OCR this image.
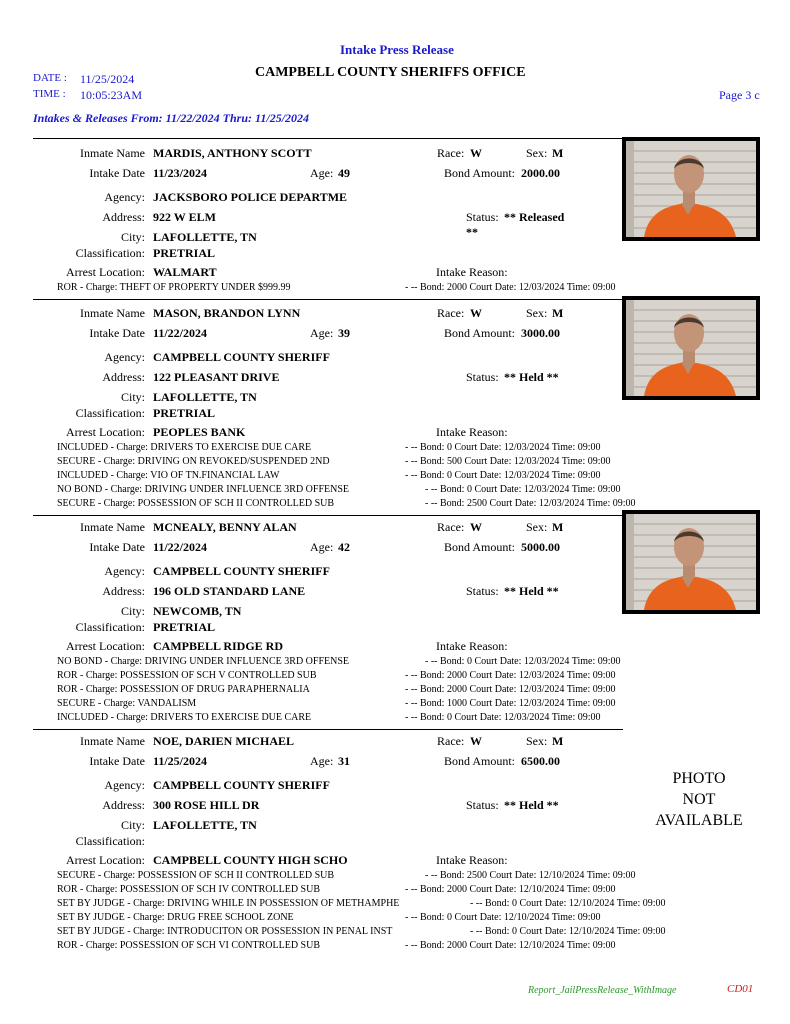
Intake Press Release
CAMPBELL COUNTY SHERIFFS OFFICE
DATE : 11/25/2024
TIME : 10:05:23AM	Page 3 c
Intakes & Releases From: 11/22/2024 Thru: 11/25/2024
Inmate Name MARDIS, ANTHONY SCOTT
Intake Date 11/23/2024
Agency: JACKSBORO POLICE DEPARTME
Address: 922 W ELM
City: LAFOLLETTE, TN
Classification: PRETRIAL
Arrest Location: WALMART
Age: 49
Race: W	Sex: M
Bond Amount: 2000.00
Status: ** Released
**
Intake Reason:
ROR - Charge: THEFT OF PROPERTY UNDER $999.99	- -- Bond: 2000 Court Date: 12/03/2024 Time: 09:00
Inmate Name MASON, BRANDON LYNN
Intake Date 11/22/2024
Agency: CAMPBELL COUNTY SHERIFF
Address: 122 PLEASANT DRIVE
City: LAFOLLETTE, TN
Classification: PRETRIAL
Arrest Location: PEOPLES BANK
Age: 39
Race: W	Sex: M
Bond Amount: 3000.00
Status: ** Held **
Intake Reason:
INCLUDED - Charge: DRIVERS TO EXERCISE DUE CARE	- -- Bond: 0 Court Date: 12/03/2024 Time: 09:00
SECURE - Charge: DRIVING ON REVOKED/SUSPENDED 2ND	- -- Bond: 500 Court Date: 12/03/2024 Time: 09:00
INCLUDED - Charge: VIO OF TN.FINANCIAL LAW	- -- Bond: 0 Court Date: 12/03/2024 Time: 09:00
NO BOND - Charge: DRIVING UNDER INFLUENCE 3RD OFFENSE	- -- Bond: 0 Court Date: 12/03/2024 Time: 09:00
SECURE - Charge: POSSESSION OF SCH II CONTROLLED SUB	- -- Bond: 2500 Court Date: 12/03/2024 Time: 09:00
Inmate Name MCNEALY, BENNY ALAN
Intake Date 11/22/2024
Agency: CAMPBELL COUNTY SHERIFF
Address: 196 OLD STANDARD LANE
City: NEWCOMB, TN
Classification: PRETRIAL
Arrest Location: CAMPBELL RIDGE RD
Age: 42
Race: W	Sex: M
Bond Amount: 5000.00
Status: ** Held **
Intake Reason:
NO BOND - Charge: DRIVING UNDER INFLUENCE 3RD OFFENSE	- -- Bond: 0 Court Date: 12/03/2024 Time: 09:00
ROR - Charge: POSSESSION OF SCH V CONTROLLED SUB	- -- Bond: 2000 Court Date: 12/03/2024 Time: 09:00
ROR - Charge: POSSESSION OF DRUG PARAPHERNALIA	- -- Bond: 2000 Court Date: 12/03/2024 Time: 09:00
SECURE - Charge: VANDALISM	- -- Bond: 1000 Court Date: 12/03/2024 Time: 09:00
INCLUDED - Charge: DRIVERS TO EXERCISE DUE CARE	- -- Bond: 0 Court Date: 12/03/2024 Time: 09:00
Inmate Name NOE, DARIEN MICHAEL
Intake Date 11/25/2024
Agency: CAMPBELL COUNTY SHERIFF
Address: 300 ROSE HILL DR
City: LAFOLLETTE, TN
Classification:
Arrest Location: CAMPBELL COUNTY HIGH SCHO
Age: 31
Race: W	Sex: M
Bond Amount: 6500.00
Status: ** Held **
Intake Reason:
SECURE - Charge: POSSESSION OF SCH II CONTROLLED SUB	- -- Bond: 2500 Court Date: 12/10/2024 Time: 09:00
ROR - Charge: POSSESSION OF SCH IV CONTROLLED SUB	- -- Bond: 2000 Court Date: 12/10/2024 Time: 09:00
SET BY JUDGE - Charge: DRIVING WHILE IN POSSESSION OF METHAMPHE	- -- Bond: 0 Court Date: 12/10/2024 Time: 09:00
SET BY JUDGE - Charge: DRUG FREE SCHOOL ZONE	- -- Bond: 0 Court Date: 12/10/2024 Time: 09:00
SET BY JUDGE - Charge: INTRODUCITON OR POSSESSION IN PENAL INST	- -- Bond: 0 Court Date: 12/10/2024 Time: 09:00
ROR - Charge: POSSESSION OF SCH VI CONTROLLED SUB	- -- Bond: 2000 Court Date: 12/10/2024 Time: 09:00
PHOTO
NOT
AVAILABLE
Report_JailPressRelease_WithImage	CD01
